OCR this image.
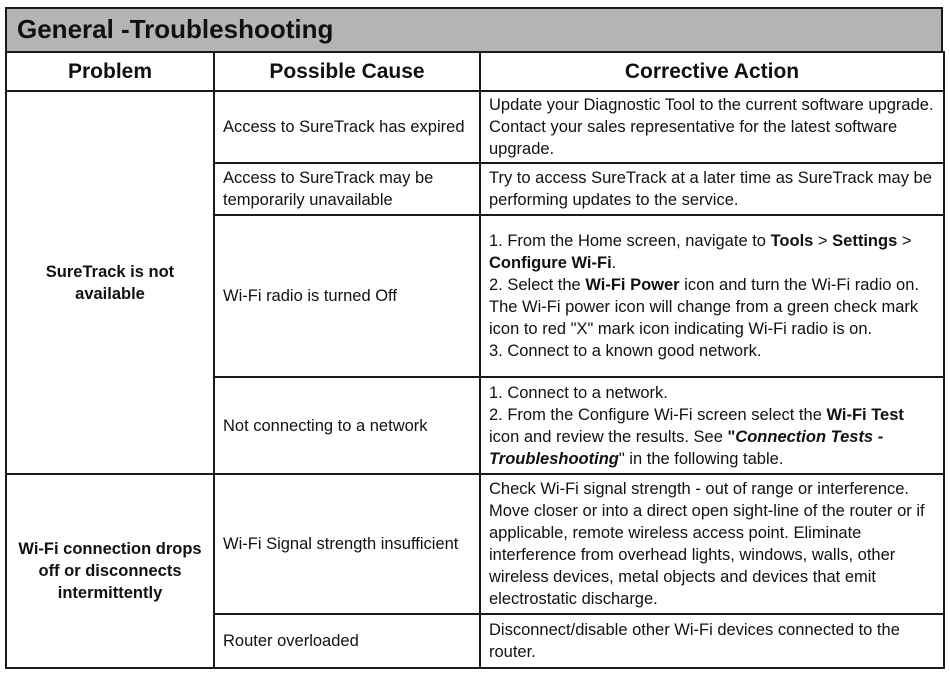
General -Troubleshooting
Problem	Possible Cause	Corrective Action
SureTrack is not available	Access to SureTrack has expired	Update your Diagnostic Tool to the current software upgrade. Contact your sales representative for the latest software upgrade.
	Access to SureTrack may be temporarily unavailable	Try to access SureTrack at a later time as SureTrack may be performing updates to the service.
	Wi-Fi radio is turned Off	1. From the Home screen, navigate to Tools > Settings > Configure Wi-Fi.
2. Select the Wi-Fi Power icon and turn the Wi-Fi radio on. The Wi-Fi power icon will change from a green check mark icon to red "X" mark icon indicating Wi-Fi radio is on.
3. Connect to a known good network.

	Not connecting to a network	1. Connect to a network.
2. From the Configure Wi-Fi screen select the Wi-Fi Test icon and review the results. See "Connection Tests - Troubleshooting" in the following table.

Wi-Fi connection drops off or disconnects intermittently	Wi-Fi Signal strength insufficient	Check Wi-Fi signal strength - out of range or interference. Move closer or into a direct open sight-line of the router or if applicable, remote wireless access point. Eliminate interference from overhead lights, windows, walls, other wireless devices, metal objects and devices that emit electrostatic discharge.
	Router overloaded	Disconnect/disable other Wi-Fi devices connected to the router.
